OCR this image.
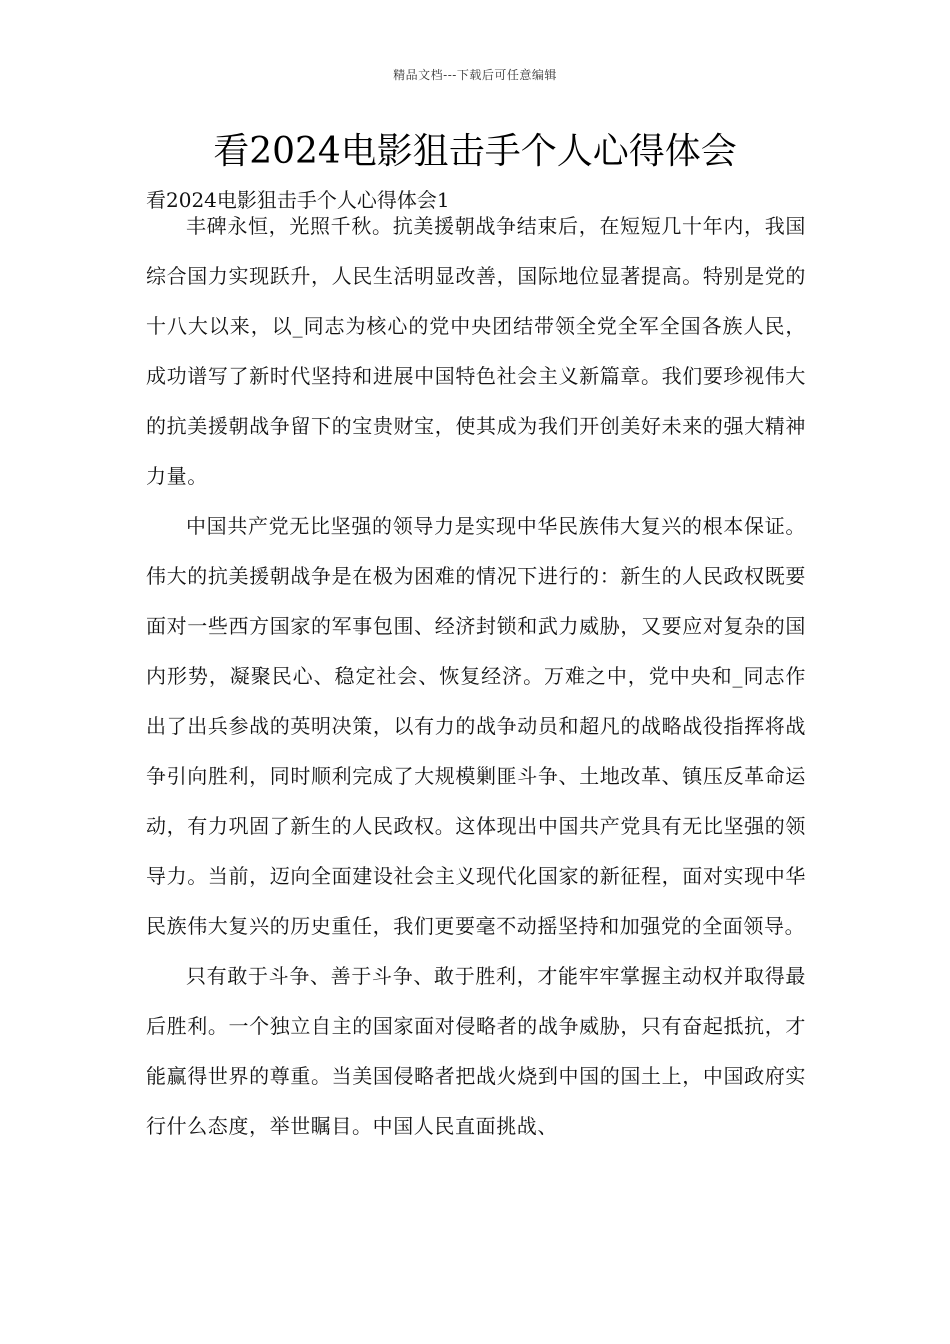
精品文档---下载后可任意编辑
看2024电影狙击手个人心得体会
看2024电影狙击手个人心得体会1

丰碑永恒，光照千秋。抗美援朝战争结束后，在短短几十年内，我国综合国力实现跃升，人民生活明显改善，国际地位显著提高。特别是党的十八大以来，以_同志为核心的党中央团结带领全党全军全国各族人民，成功谱写了新时代坚持和进展中国特色社会主义新篇章。我们要珍视伟大的抗美援朝战争留下的宝贵财宝，使其成为我们开创美好未来的强大精神力量。

中国共产党无比坚强的领导力是实现中华民族伟大复兴的根本保证。伟大的抗美援朝战争是在极为困难的情况下进行的：新生的人民政权既要面对一些西方国家的军事包围、经济封锁和武力威胁，又要应对复杂的国内形势，凝聚民心、稳定社会、恢复经济。万难之中，党中央和_同志作出了出兵参战的英明决策，以有力的战争动员和超凡的战略战役指挥将战争引向胜利，同时顺利完成了大规模剿匪斗争、土地改革、镇压反革命运动，有力巩固了新生的人民政权。这体现出中国共产党具有无比坚强的领导力。当前，迈向全面建设社会主义现代化国家的新征程，面对实现中华民族伟大复兴的历史重任，我们更要毫不动摇坚持和加强党的全面领导。

只有敢于斗争、善于斗争、敢于胜利，才能牢牢掌握主动权并取得最后胜利。一个独立自主的国家面对侵略者的战争威胁，只有奋起抵抗，才能赢得世界的尊重。当美国侵略者把战火烧到中国的国土上，中国政府实行什么态度，举世瞩目。中国人民直面挑战、
